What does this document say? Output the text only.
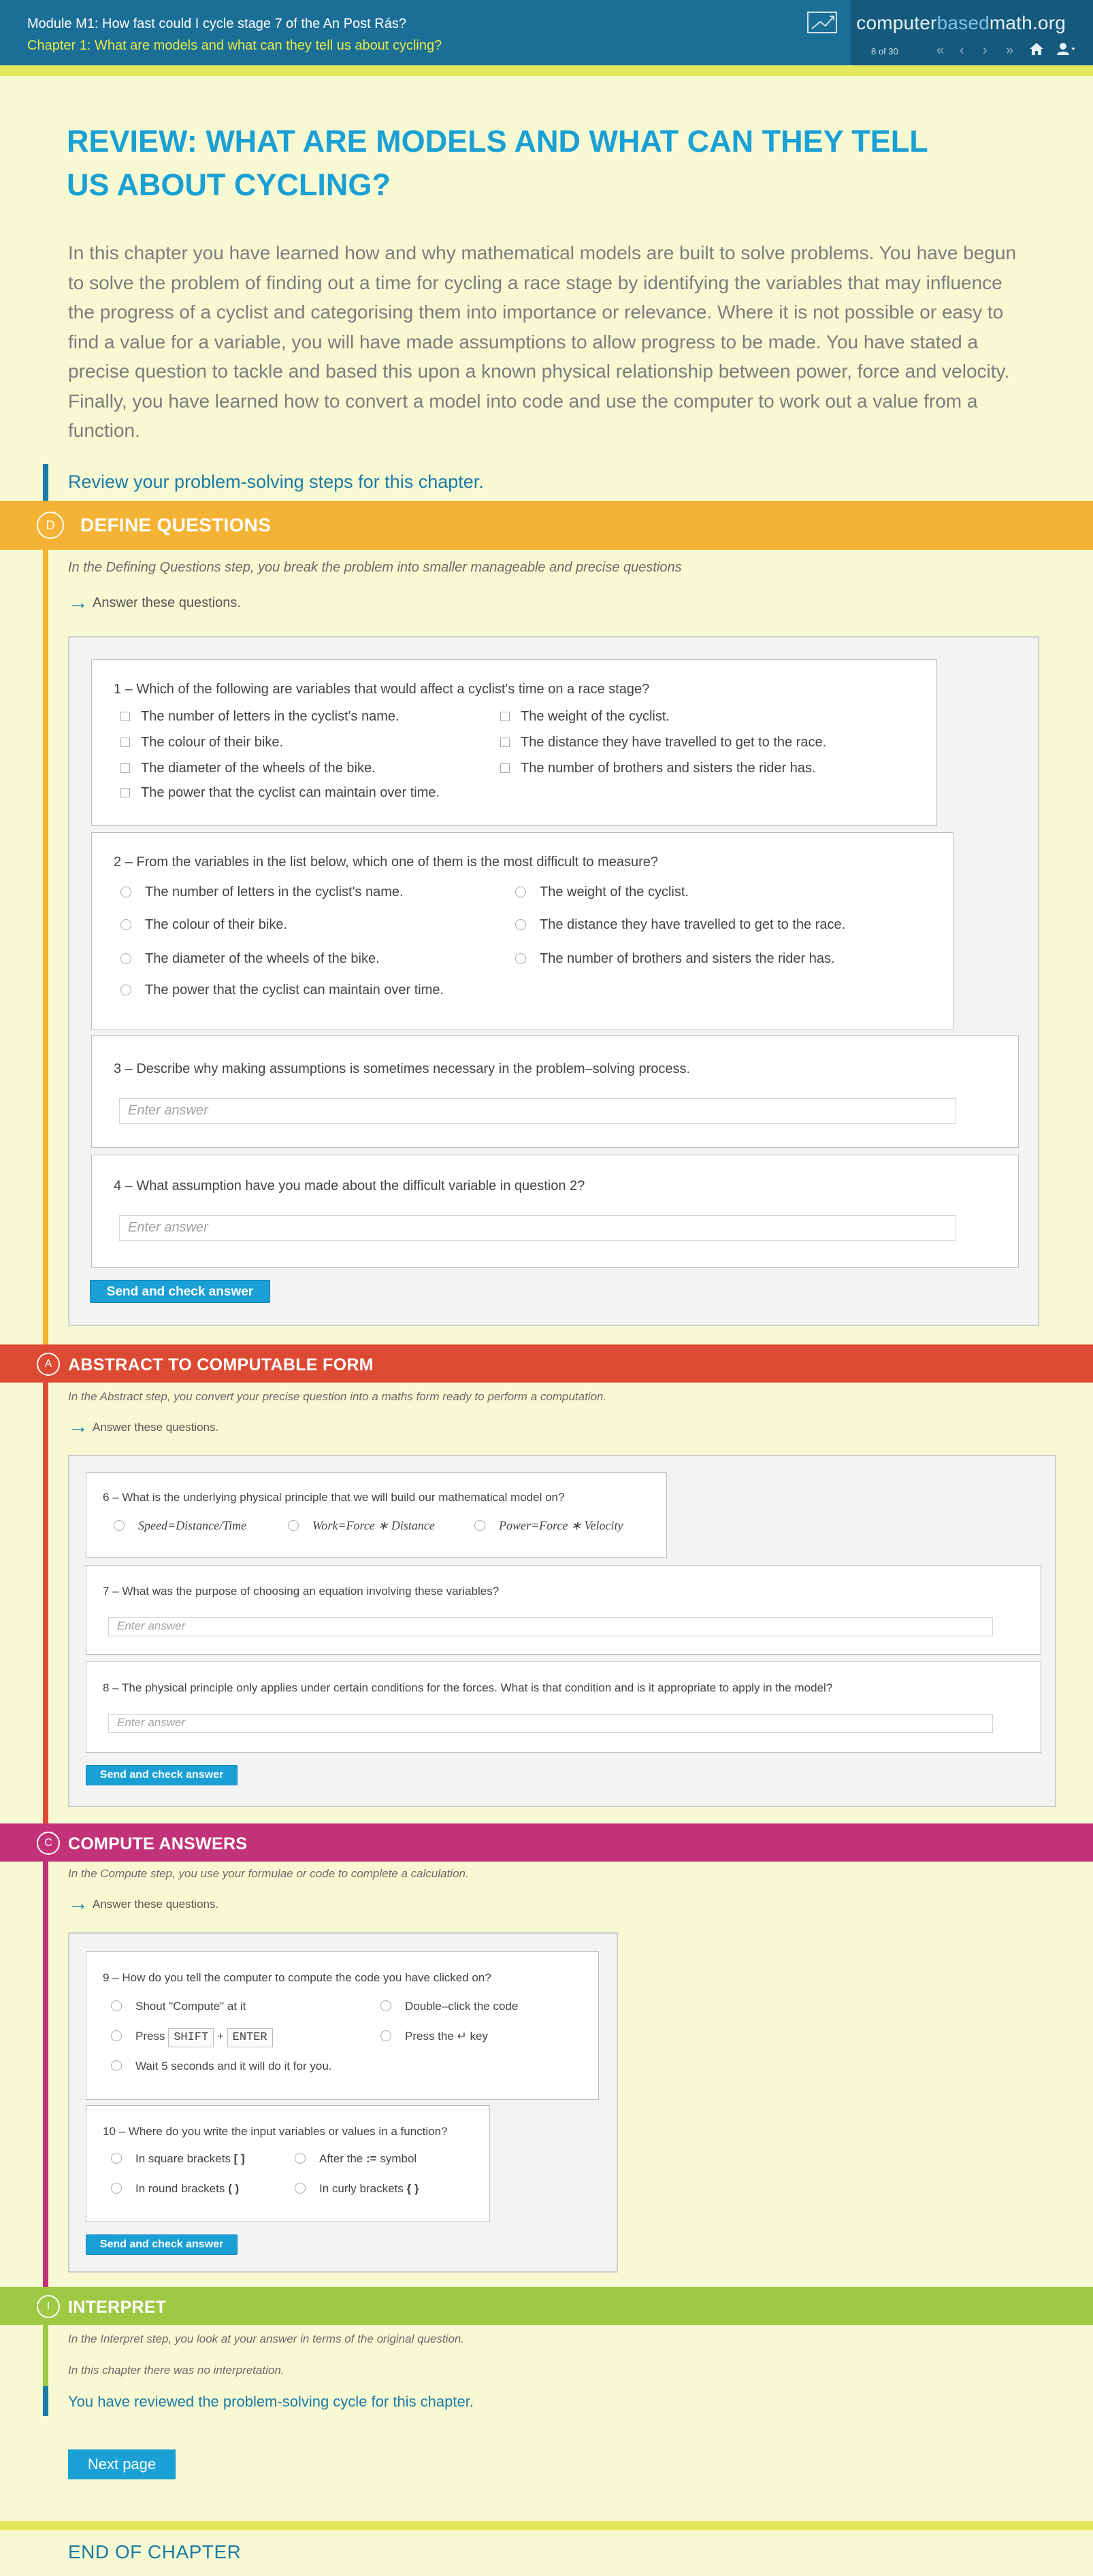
Module M1: How fast could I cycle stage 7 of the An Post Rás?
Chapter 1: What are models and what can they tell us about cycling?
computerbasedmath.org
8 of 30	« ‹ › »
REVIEW: WHAT ARE MODELS AND WHAT CAN THEY TELL US ABOUT CYCLING?
In this chapter you have learned how and why mathematical models are built to solve problems. You have begun to solve the problem of finding out a time for cycling a race stage by identifying the variables that may influence the progress of a cyclist and categorising them into importance or relevance. Where it is not possible or easy to find a value for a variable, you will have made assumptions to allow progress to be made. You have stated a precise question to tackle and based this upon a known physical relationship between power, force and velocity. Finally, you have learned how to convert a model into code and use the computer to work out a value from a function.
Review your problem-solving steps for this chapter.
D	DEFINE QUESTIONS
In the Defining Questions step, you break the problem into smaller manageable and precise questions
→ Answer these questions.
1 – Which of the following are variables that would affect a cyclist's time on a race stage?
The number of letters in the cyclist's name.	The weight of the cyclist.
The colour of their bike.	The distance they have travelled to get to the race.
The diameter of the wheels of the bike.	The number of brothers and sisters the rider has.
The power that the cyclist can maintain over time.
2 – From the variables in the list below, which one of them is the most difficult to measure?
The number of letters in the cyclist's name.	The weight of the cyclist.
The colour of their bike.	The distance they have travelled to get to the race.
The diameter of the wheels of the bike.	The number of brothers and sisters the rider has.
The power that the cyclist can maintain over time.
3 – Describe why making assumptions is sometimes necessary in the problem–solving process.
Enter answer
4 – What assumption have you made about the difficult variable in question 2?
Enter answer
Send and check answer
A ABSTRACT TO COMPUTABLE FORM
In the Abstract step, you convert your precise question into a maths form ready to perform a computation.
→ Answer these questions.
6 – What is the underlying physical principle that we will build our mathematical model on?
Speed=Distance/Time	Work=Force ∗ Distance	Power=Force ∗ Velocity
7 – What was the purpose of choosing an equation involving these variables?
Enter answer
8 – The physical principle only applies under certain conditions for the forces. What is that condition and is it appropriate to apply in the model?
Enter answer
Send and check answer
C COMPUTE ANSWERS
In the Compute step, you use your formulae or code to complete a calculation.
→ Answer these questions.
9 – How do you tell the computer to compute the code you have clicked on?
Shout "Compute" at it	Double–click the code
Press SHIFT + ENTER	Press the ↵ key
Wait 5 seconds and it will do it for you.
10 – Where do you write the input variables or values in a function?
In square brackets [ ]	After the := symbol
In round brackets ( )	In curly brackets { }
Send and check answer
I	INTERPRET
In the Interpret step, you look at your answer in terms of the original question.
In this chapter there was no interpretation.
You have reviewed the problem-solving cycle for this chapter.
Next page
END OF CHAPTER
